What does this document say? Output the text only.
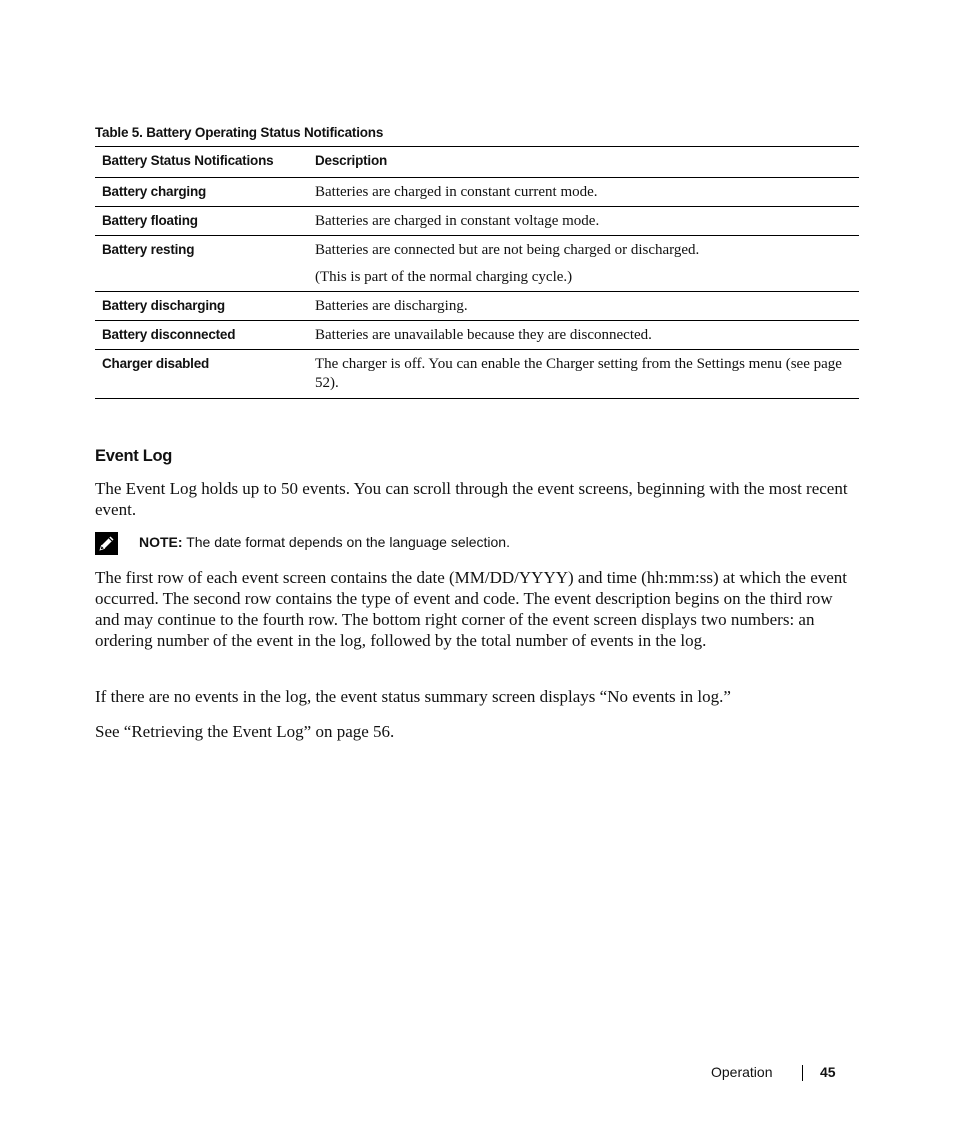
Table 5. Battery Operating Status Notifications
Battery Status Notifications	Description
Battery charging	Batteries are charged in constant current mode.

Battery floating	Batteries are charged in constant voltage mode.

Battery resting	Batteries are connected but are not being charged or discharged.

(This is part of the normal charging cycle.)

Battery discharging	Batteries are discharging.

Battery disconnected	Batteries are unavailable because they are disconnected.

Charger disabled	The charger is off. You can enable the Charger setting from the Settings menu (see page 52).

Event Log

The Event Log holds up to 50 events. You can scroll through the event screens, beginning with the most recent event.

NOTE: The date format depends on the language selection.

The first row of each event screen contains the date (MM/DD/YYYY) and time (hh:mm:ss) at which the event occurred. The second row contains the type of event and code. The event description begins on the third row and may continue to the fourth row. The bottom right corner of the event screen displays two numbers: an ordering number of the event in the log, followed by the total number of events in the log.

If there are no events in the log, the event status summary screen displays “No events in log.”

See “Retrieving the Event Log” on page 56.

Operation	45
